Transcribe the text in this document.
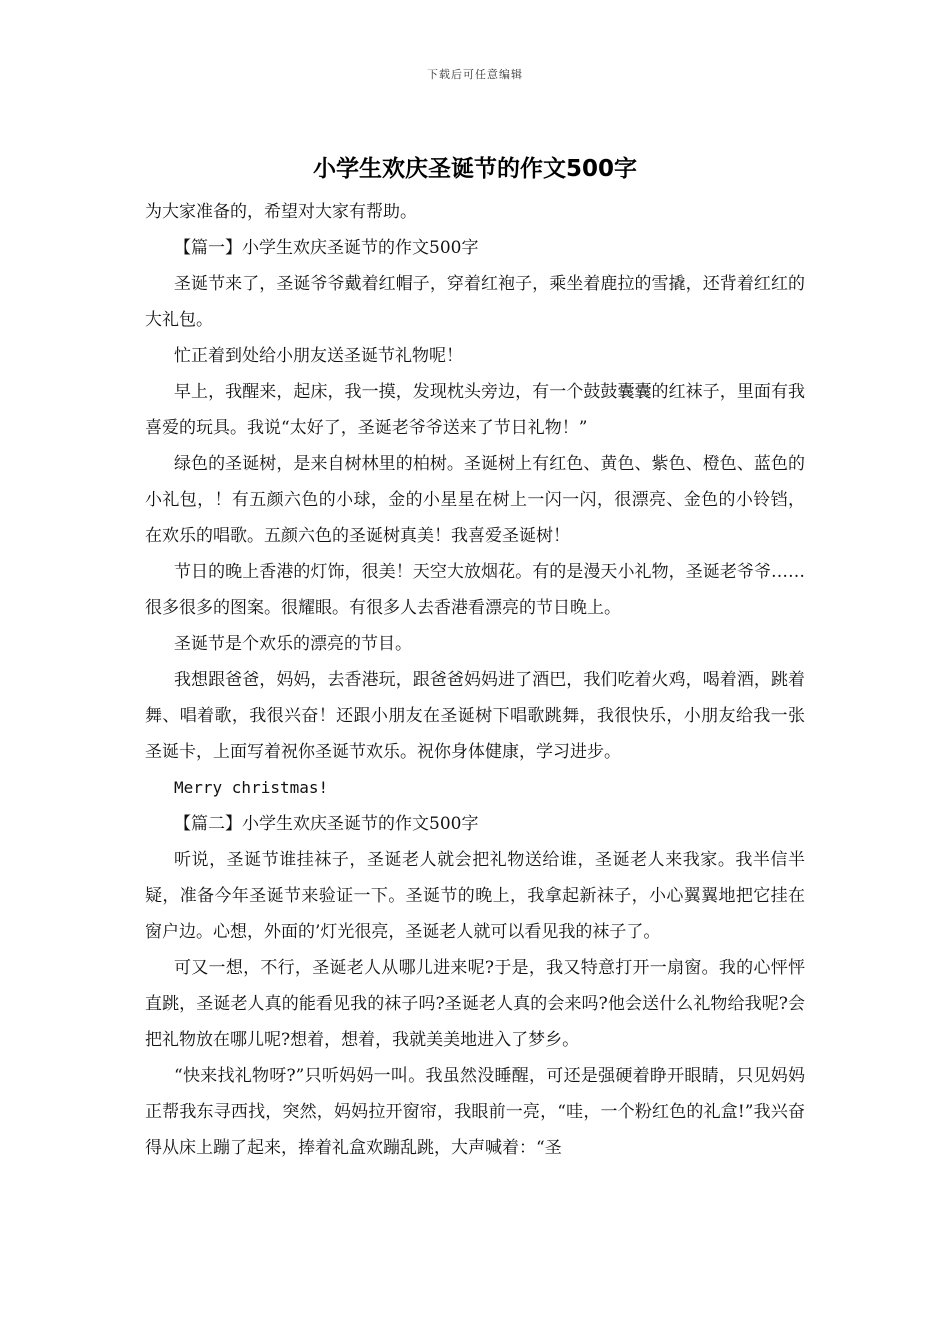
下载后可任意编辑
小学生欢庆圣诞节的作文500字

为大家准备的，希望对大家有帮助。

【篇一】小学生欢庆圣诞节的作文500字

圣诞节来了，圣诞爷爷戴着红帽子，穿着红袍子，乘坐着鹿拉的雪撬，还背着红红的大礼包。

忙正着到处给小朋友送圣诞节礼物呢！

早上，我醒来，起床，我一摸，发现枕头旁边，有一个鼓鼓囊囊的红袜子，里面有我喜爱的玩具。我说“太好了，圣诞老爷爷送来了节日礼物！”

绿色的圣诞树，是来自树林里的柏树。圣诞树上有红色、黄色、紫色、橙色、蓝色的小礼包，！有五颜六色的小球，金的小星星在树上一闪一闪，很漂亮、金色的小铃铛，在欢乐的唱歌。五颜六色的圣诞树真美！我喜爱圣诞树！

节日的晚上香港的灯饰，很美！天空大放烟花。有的是漫天小礼物，圣诞老爷爷……很多很多的图案。很耀眼。有很多人去香港看漂亮的节日晚上。

圣诞节是个欢乐的漂亮的节目。

我想跟爸爸，妈妈，去香港玩，跟爸爸妈妈进了酒巴，我们吃着火鸡，喝着酒，跳着舞、唱着歌，我很兴奋！还跟小朋友在圣诞树下唱歌跳舞，我很快乐，小朋友给我一张圣诞卡，上面写着祝你圣诞节欢乐。祝你身体健康，学习进步。

Merry christmas!

【篇二】小学生欢庆圣诞节的作文500字

听说，圣诞节谁挂袜子，圣诞老人就会把礼物送给谁，圣诞老人来我家。我半信半疑，准备今年圣诞节来验证一下。圣诞节的晚上，我拿起新袜子，小心翼翼地把它挂在窗户边。心想，外面的’灯光很亮，圣诞老人就可以看见我的袜子了。

可又一想，不行，圣诞老人从哪儿进来呢?于是，我又特意打开一扇窗。我的心怦怦直跳，圣诞老人真的能看见我的袜子吗?圣诞老人真的会来吗?他会送什么礼物给我呢?会把礼物放在哪儿呢?想着，想着，我就美美地进入了梦乡。

“快来找礼物呀?”只听妈妈一叫。我虽然没睡醒，可还是强硬着睁开眼睛，只见妈妈正帮我东寻西找，突然，妈妈拉开窗帘，我眼前一亮，“哇，一个粉红色的礼盒!”我兴奋得从床上蹦了起来，捧着礼盒欢蹦乱跳，大声喊着：“圣
